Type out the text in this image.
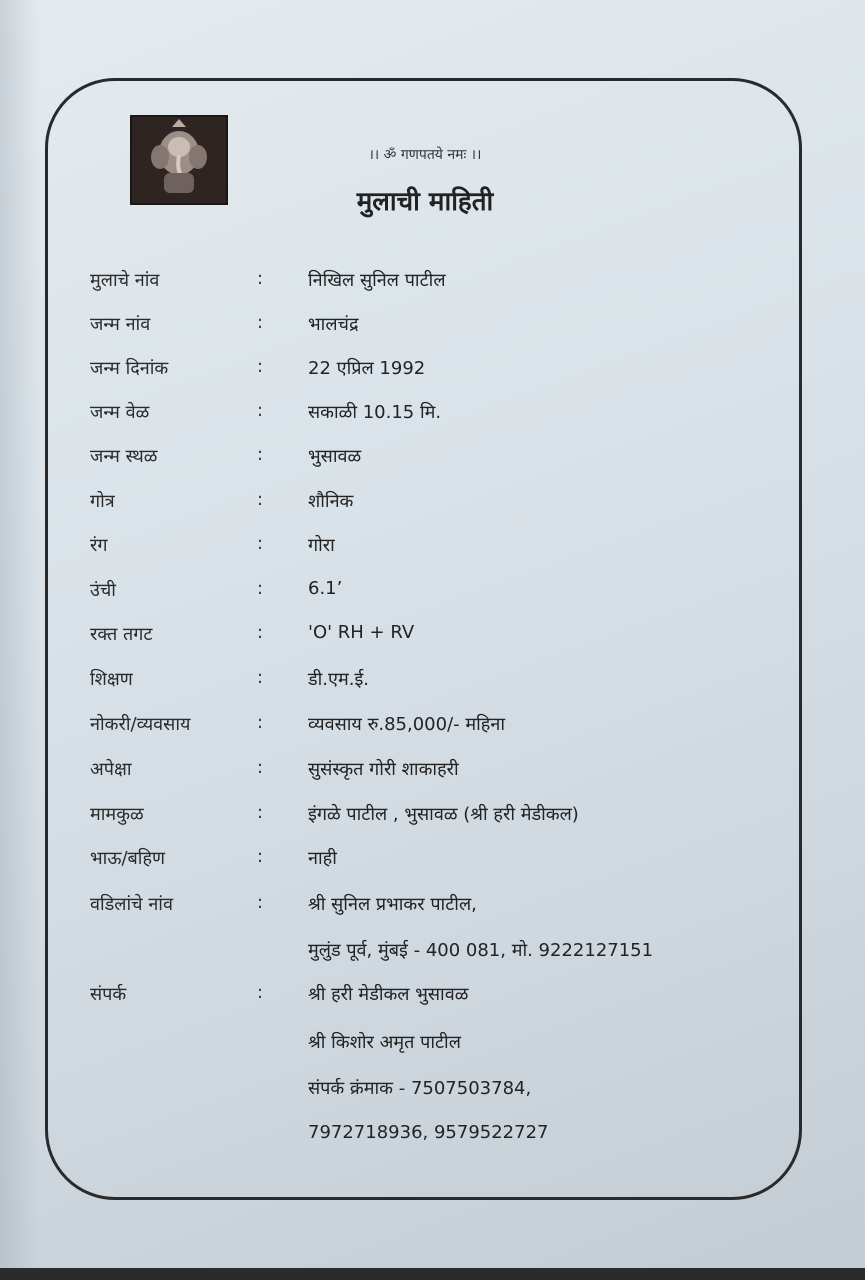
।। ॐ गणपतये नमः ।।
मुलाची माहिती
मुलाचे नांव	: निखिल सुनिल पाटील
जन्म नांव	: भालचंद्र
जन्म दिनांक	: 22 एप्रिल 1992
जन्म वेळ	: सकाळी 10.15 मि.
जन्म स्थळ	: भुसावळ
गोत्र	: शौनिक
रंग	: गोरा
उंची	: 6.1’
रक्त तगट	: 'O' RH + RV
शिक्षण	: डी.एम.ई.
नोकरी/व्यवसाय	: व्यवसाय रु.85,000/- महिना
अपेक्षा	: सुसंस्कृत गोरी शाकाहरी
मामकुळ	: इंगळे पाटील , भुसावळ (श्री हरी मेडीकल)
भाऊ/बहिण	: नाही
वडिलांचे नांव	: श्री सुनिल प्रभाकर पाटील,
मुलुंड पूर्व, मुंबई - 400 081, मो. 9222127151
संपर्क	: श्री हरी मेडीकल भुसावळ
श्री किशोर अमृत पाटील
संपर्क क्रंमाक - 7507503784,
7972718936, 9579522727
